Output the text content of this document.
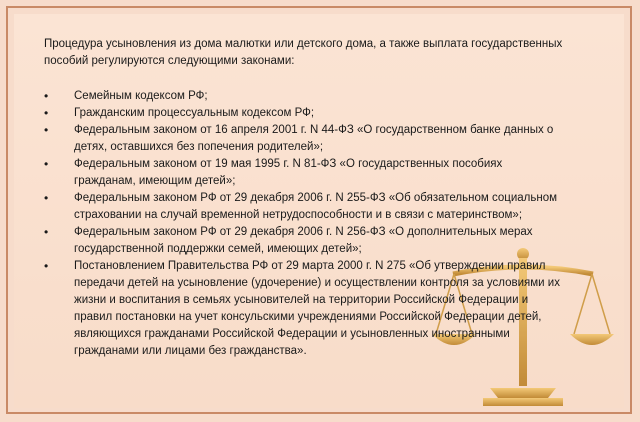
Процедура усыновления из дома малютки или детского дома, а также выплата государственных пособий регулируются следующими законами:

• Семейным кодексом РФ;
• Гражданским процессуальным кодексом РФ;
• Федеральным законом от 16 апреля 2001 г. N 44-ФЗ «О государственном банке данных о детях, оставшихся без попечения родителей»;
• Федеральным законом от 19 мая 1995 г. N 81-ФЗ «О государственных пособиях гражданам, имеющим детей»;
• Федеральным законом РФ от 29 декабря 2006 г. N 255-ФЗ «Об обязательном социальном страховании на случай временной нетрудоспособности и в связи с материнством»;
• Федеральным законом РФ от 29 декабря 2006 г. N 256-ФЗ «О дополнительных мерах государственной поддержки семей, имеющих детей»;
• Постановлением Правительства РФ от 29 марта 2000 г. N 275 «Об утверждении правил передачи детей на усыновление (удочерение) и осуществлении контроля за условиями их жизни и воспитания в семьях усыновителей на территории Российской Федерации и правил постановки на учет консульскими учреждениями Российской Федерации детей, являющихся гражданами Российской Федерации и усыновленных иностранными гражданами или лицами без гражданства».
